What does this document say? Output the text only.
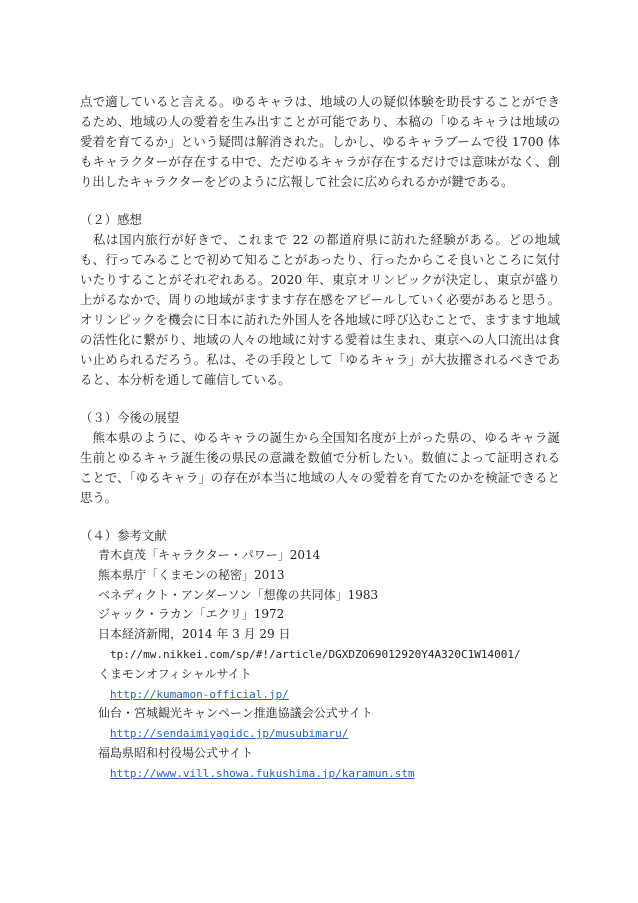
点で適していると言える。ゆるキャラは、地域の人の疑似体験を助長することができるため、地域の人の愛着を生み出すことが可能であり、本稿の「ゆるキャラは地域の愛着を育てるか」という疑問は解消された。しかし、ゆるキャラブームで役 1700 体もキャラクターが存在する中で、ただゆるキャラが存在するだけでは意味がなく、創り出したキャラクターをどのように広報して社会に広められるかが鍵である。

（２）感想

　私は国内旅行が好きで、これまで 22 の都道府県に訪れた経験がある。どの地域も、行ってみることで初めて知ることがあったり、行ったからこそ良いところに気付いたりすることがそれぞれある。2020 年、東京オリンピックが決定し、東京が盛り上がるなかで、周りの地域がますます存在感をアピールしていく必要があると思う。オリンピックを機会に日本に訪れた外国人を各地域に呼び込むことで、ますます地域の活性化に繋がり、地域の人々の地域に対する愛着は生まれ、東京への人口流出は食い止められるだろう。私は、その手段として「ゆるキャラ」が大抜擢されるべきであると、本分析を通して確信している。

（３）今後の展望

　熊本県のように、ゆるキャラの誕生から全国知名度が上がった県の、ゆるキャラ誕生前とゆるキャラ誕生後の県民の意識を数値で分析したい。数値によって証明されることで、「ゆるキャラ」の存在が本当に地域の人々の愛着を育てたのかを検証できると思う。

（４）参考文献

青木貞茂「キャラクター・パワー」2014

熊本県庁「くまモンの秘密」2013

ベネディクト・アンダーソン「想像の共同体」1983

ジャック・ラカン「エクリ」1972

日本経済新聞，2014 年 3 月 29 日

tp://mw.nikkei.com/sp/#!/article/DGXDZO69012920Y4A320C1W14001/

くまモンオフィシャルサイト

http://kumamon-official.jp/

仙台・宮城観光キャンペーン推進協議会公式サイト

http://sendaimiyagidc.jp/musubimaru/

福島県昭和村役場公式サイト

http://www.vill.showa.fukushima.jp/karamun.stm
